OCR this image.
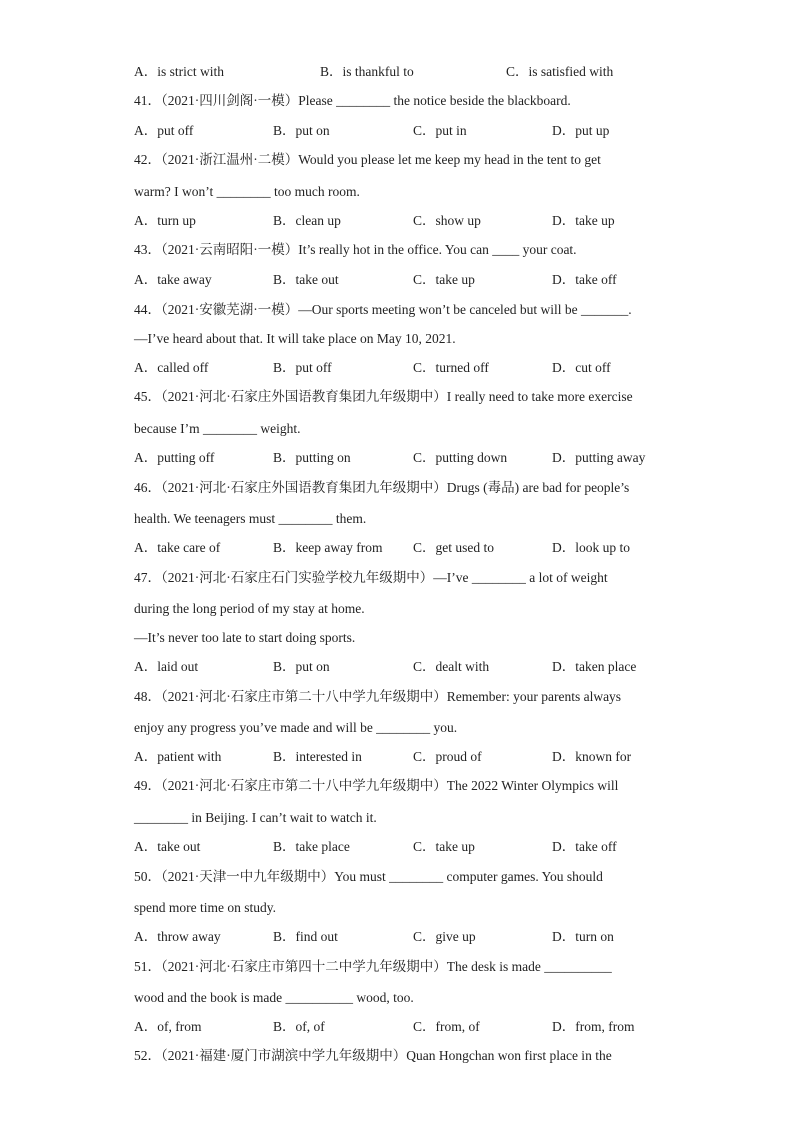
A．is strict with	B．is thankful to	C．is satisfied with
41．（2021·四川剑阁·一模）Please ________ the notice beside the blackboard.
A．put off	B．put on	C．put in	D．put up
42．（2021·浙江温州·二模）Would you please let me keep my head in the tent to get
warm? I won’t ________ too much room.
A．turn up	B．clean up	C．show up	D．take up
43．（2021·云南昭阳·一模）It’s really hot in the office. You can ____ your coat.
A．take away	B．take out	C．take up	D．take off
44．（2021·安徽芜湖·一模）—Our sports meeting won’t be canceled but will be _______.
—I’ve heard about that. It will take place on May 10, 2021.
A．called off	B．put off	C．turned off	D．cut off
45．（2021·河北·石家庄外国语教育集团九年级期中）I really need to take more exercise
because I’m ________ weight.
A．putting off	B．putting on	C．putting down	D．putting away
46．（2021·河北·石家庄外国语教育集团九年级期中）Drugs (毒品) are bad for people’s
health. We teenagers must ________ them.
A．take care of	B．keep away from C．get used to	D．look up to
47．（2021·河北·石家庄石门实验学校九年级期中）—I’ve ________ a lot of weight
during the long period of my stay at home.
—It’s never too late to start doing sports.
A．laid out	B．put on	C．dealt with	D．taken place
48．（2021·河北·石家庄市第二十八中学九年级期中）Remember: your parents always
enjoy any progress you’ve made and will be ________ you.
A．patient with	B．interested in	C．proud of	D．known for
49．（2021·河北·石家庄市第二十八中学九年级期中）The 2022 Winter Olympics will
________ in Beijing. I can’t wait to watch it.
A．take out	B．take place	C．take up	D．take off
50．（2021·天津一中九年级期中）You must ________ computer games. You should
spend more time on study.
A．throw away	B．find out	C．give up	D．turn on
51．（2021·河北·石家庄市第四十二中学九年级期中）The desk is made __________
wood and the book is made __________ wood, too.
A．of, from	B．of, of	C．from, of	D．from, from
52．（2021·福建·厦门市湖滨中学九年级期中）Quan Hongchan won first place in the
